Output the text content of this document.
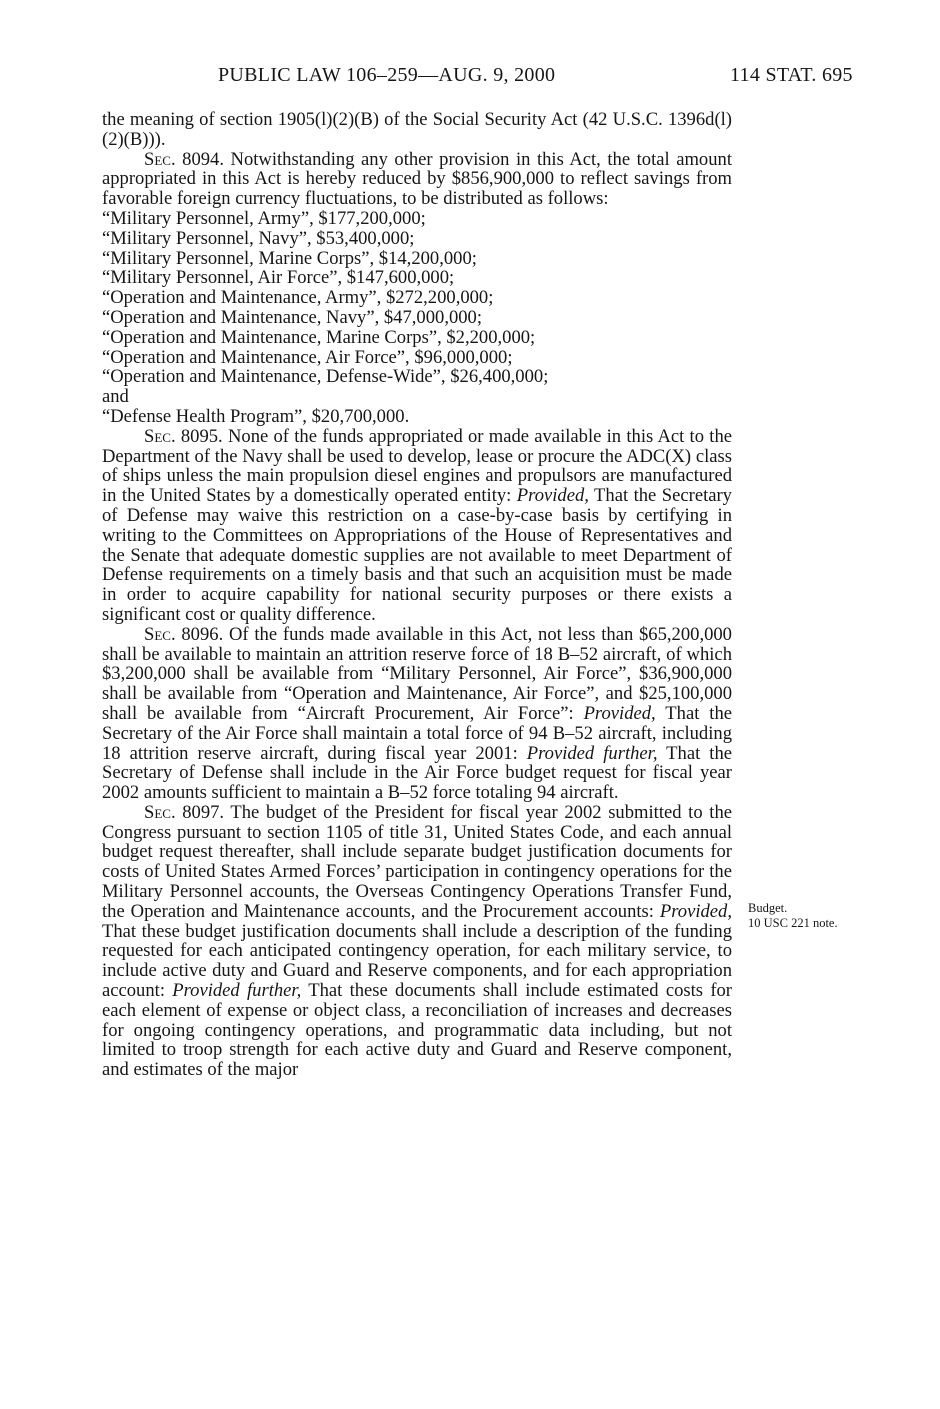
PUBLIC LAW 106–259—AUG. 9, 2000	114 STAT. 695

the meaning of section 1905(l)(2)(B) of the Social Security Act (42 U.S.C. 1396d(l)(2)(B))).

Sec. 8094. Notwithstanding any other provision in this Act, the total amount appropriated in this Act is hereby reduced by $856,900,000 to reflect savings from favorable foreign currency fluctuations, to be distributed as follows:

“Military Personnel, Army”, $177,200,000;

“Military Personnel, Navy”, $53,400,000;

“Military Personnel, Marine Corps”, $14,200,000;

“Military Personnel, Air Force”, $147,600,000;

“Operation and Maintenance, Army”, $272,200,000;

“Operation and Maintenance, Navy”, $47,000,000;

“Operation and Maintenance, Marine Corps”, $2,200,000;

“Operation and Maintenance, Air Force”, $96,000,000;

“Operation and Maintenance, Defense-Wide”, $26,400,000;

and

“Defense Health Program”, $20,700,000.

Sec. 8095. None of the funds appropriated or made available in this Act to the Department of the Navy shall be used to develop, lease or procure the ADC(X) class of ships unless the main propulsion diesel engines and propulsors are manufactured in the United States by a domestically operated entity: Provided, That the Secretary of Defense may waive this restriction on a case-by-case basis by certifying in writing to the Committees on Appropriations of the House of Representatives and the Senate that adequate domestic supplies are not available to meet Department of Defense requirements on a timely basis and that such an acquisition must be made in order to acquire capability for national security purposes or there exists a significant cost or quality difference.

Sec. 8096. Of the funds made available in this Act, not less than $65,200,000 shall be available to maintain an attrition reserve force of 18 B–52 aircraft, of which $3,200,000 shall be available from “Military Personnel, Air Force”, $36,900,000 shall be available from “Operation and Maintenance, Air Force”, and $25,100,000 shall be available from “Aircraft Procurement, Air Force”: Provided, That the Secretary of the Air Force shall maintain a total force of 94 B–52 aircraft, including 18 attrition reserve aircraft, during fiscal year 2001: Provided further, That the Secretary of Defense shall include in the Air Force budget request for fiscal year 2002 amounts sufficient to maintain a B–52 force totaling 94 aircraft.

Sec. 8097. The budget of the President for fiscal year 2002 submitted to the Congress pursuant to section 1105 of title 31, United States Code, and each annual budget request thereafter, shall include separate budget justification documents for costs of United States Armed Forces’ participation in contingency operations for the Military Personnel accounts, the Overseas Contingency Operations Transfer Fund, the Operation and Maintenance accounts, and the Procurement accounts: Provided, That these budget justification documents shall include a description of the funding requested for each anticipated contingency operation, for each military service, to include active duty and Guard and Reserve components, and for each appropriation account: Provided further, That these documents shall include estimated costs for each element of expense or object class, a reconciliation of increases and decreases for ongoing contingency operations, and programmatic data including, but not limited to troop strength for each active duty and Guard and Reserve component, and estimates of the major

Budget.
10 USC 221 note.
